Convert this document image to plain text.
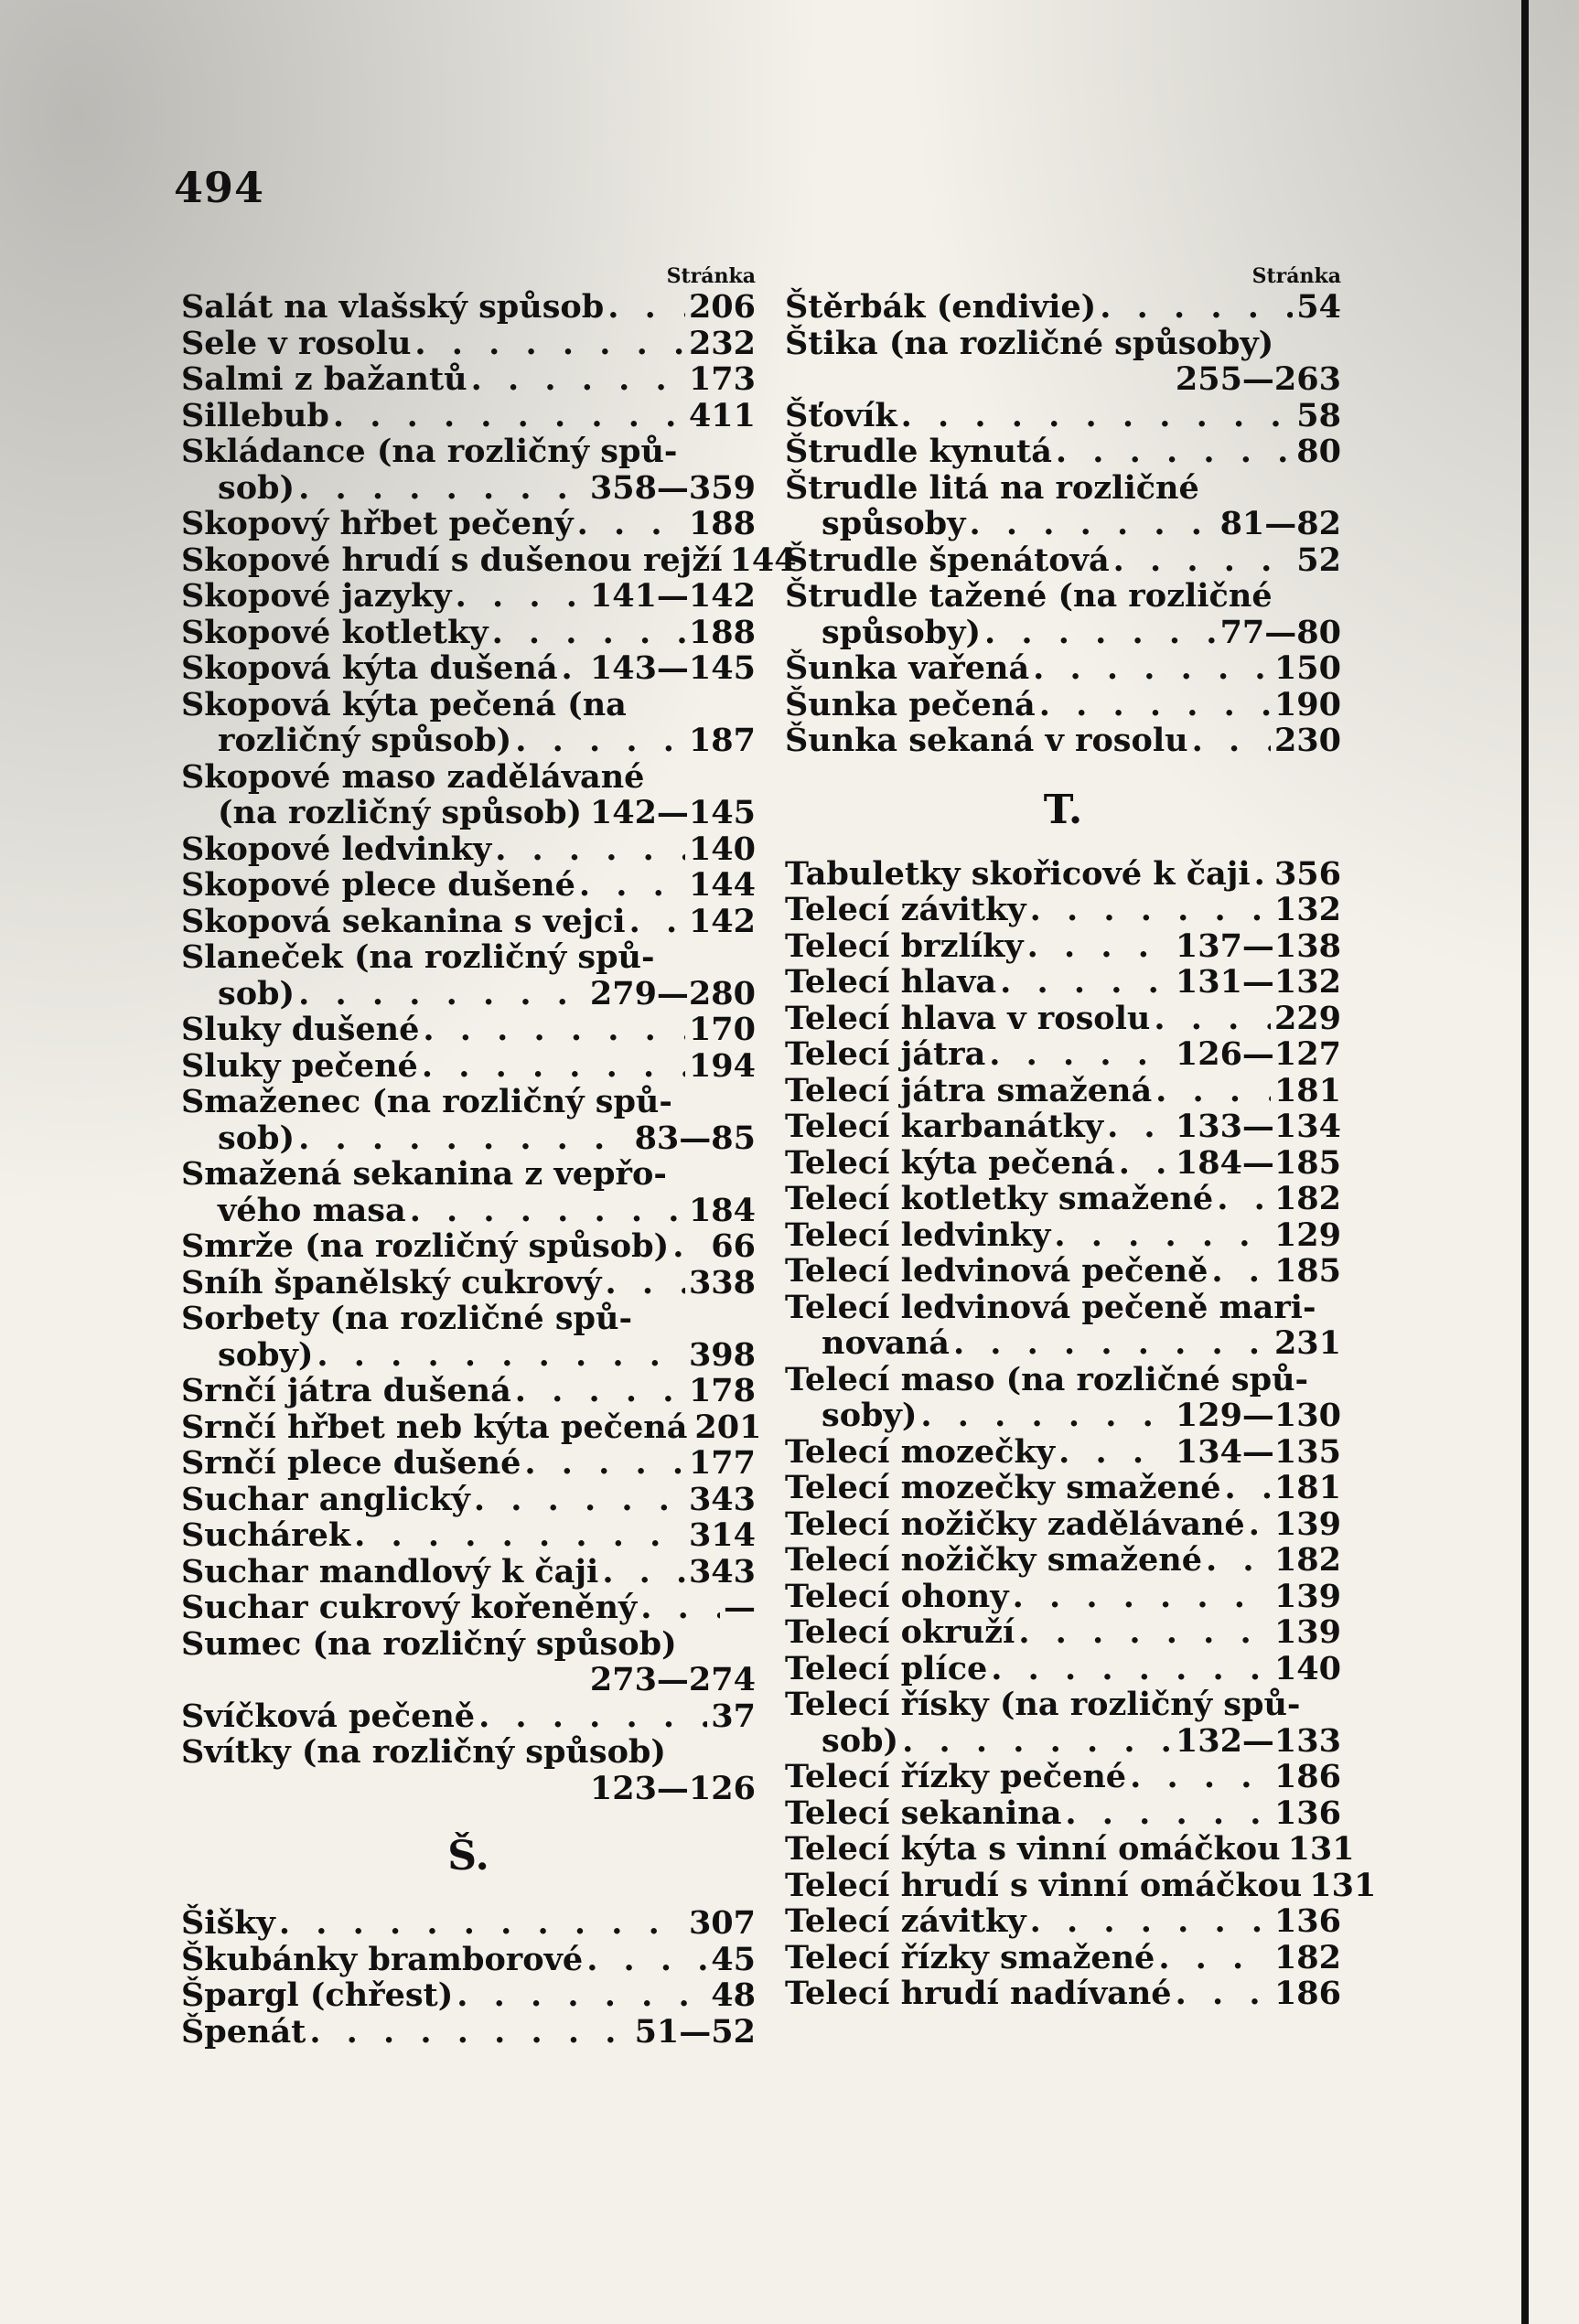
494
Stránka
Salát na vlašský spůsob . . .	206
Sele v rosolu . . .	232
Salmi z bažantů . . .	173
Sillebub . . .	411
Skládance (na rozličný spů-
sob) . . .	358—359
Skopový hřbet pečený . . .	188
Skopové hrudí s dušenou rejží 144
Skopové jazyky . . .	141—142
Skopové kotletky . . .	188
Skopová kýta dušená . . . 143—145
Skopová kýta pečená (na
rozličný spůsob) . . .	187
Skopové maso zadělávané
(na rozličný spůsob) . . . 142—145
Skopové ledvinky . . .	140
Skopové plece dušené . . .	144
Skopová sekanina s vejci . . . 142
Slaneček (na rozličný spů-
sob) . . .	279—280
Sluky dušené . . .	170
Sluky pečené . . .	194
Smaženec (na rozličný spů-
sob) . . .	83—85
Smažená sekanina z vepřo-
vého masa . . .	184
Smrže (na rozličný spůsob) . . . 66
Sníh španělský cukrový . . .	338
Sorbety (na rozličné spů-
soby) . . .	398
Srnčí játra dušená . . .	178
Srnčí hřbet neb kýta pečená 201
Srnčí plece dušené . . .	177
Suchar anglický . . .	343
Suchárek . . .	314
Suchar mandlový k čaji . . .	343
Suchar cukrový kořeněný . . .	—
Sumec (na rozličný spůsob)
273—274
Svíčková pečeně . . .	37
Svítky (na rozličný spůsob)
123—126
Š.
Šišky . . .	307
Škubánky bramborové . . .	45
Špargl (chřest) . . .	48
Špenát . . .	51—52
Stránka
Štěrbák (endivie) . . .	54
Štika (na rozličné spůsoby)
255—263
Šťovík . . .	58
Štrudle kynutá . . .	80
Štrudle litá na rozličné
spůsoby . . .	81—82
Štrudle špenátová . . .	52
Štrudle tažené (na rozličné
spůsoby) . . .	77—80
Šunka vařená . . .	150
Šunka pečená . . .	190
Šunka sekaná v rosolu . . .	230
T.
Tabuletky skořicové k čaji . . . 356
Telecí závitky . . .	132
Telecí brzlíky . . .	137—138
Telecí hlava . . .	131—132
Telecí hlava v rosolu . . .	229
Telecí játra . . .	126—127
Telecí játra smažená . . .	181
Telecí karbanátky . . . 133—134
Telecí kýta pečená . . . 184—185
Telecí kotletky smažené . . . 182
Telecí ledvinky . . .	129
Telecí ledvinová pečeně . . . 185
Telecí ledvinová pečeně mari-
novaná . . .	231
Telecí maso (na rozličné spů-
soby) . . .	129—130
Telecí mozečky . . .	134—135
Telecí mozečky smažené . . . 181
Telecí nožičky zadělávané . . . 139
Telecí nožičky smažené . . . 182
Telecí ohony . . .	139
Telecí okruží . . .	139
Telecí plíce . . .	140
Telecí řísky (na rozličný spů-
sob) . . .	132—133
Telecí řízky pečené . . .	186
Telecí sekanina . . .	136
Telecí kýta s vinní omáčkou 131
Telecí hrudí s vinní omáčkou 131
Telecí závitky . . .	136
Telecí řízky smažené . . .	182
Telecí hrudí nadívané . . .	186
